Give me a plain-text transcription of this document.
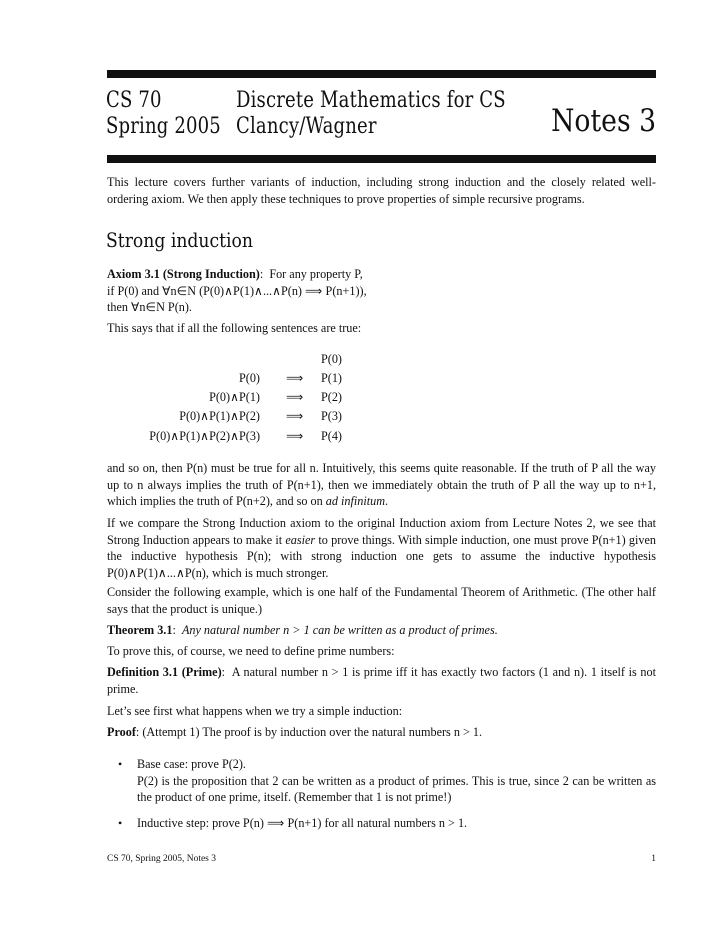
CS 70	Discrete Mathematics for CS
Spring 2005 Clancy/Wagner	Notes 3

This lecture covers further variants of induction, including strong induction and the closely related well-ordering axiom. We then apply these techniques to prove properties of simple recursive programs.

Strong induction
Axiom 3.1 (Strong Induction):  For any property P,
if P(0) and ∀n∈N (P(0)∧P(1)∧...∧P(n) ⟹ P(n+1)),
then ∀n∈N P(n).

This says that if all the following sentences are true:

P(0)
P(0) ⟹ P(1)
P(0)∧P(1) ⟹ P(2)
P(0)∧P(1)∧P(2) ⟹ P(3)
P(0)∧P(1)∧P(2)∧P(3) ⟹ P(4)

and so on, then P(n) must be true for all n. Intuitively, this seems quite reasonable. If the truth of P all the way up to n always implies the truth of P(n+1), then we immediately obtain the truth of P all the way up to n+1, which implies the truth of P(n+2), and so on ad infinitum.

If we compare the Strong Induction axiom to the original Induction axiom from Lecture Notes 2, we see that Strong Induction appears to make it easier to prove things. With simple induction, one must prove P(n+1) given the inductive hypothesis P(n); with strong induction one gets to assume the inductive hypothesis P(0)∧P(1)∧...∧P(n), which is much stronger.

Consider the following example, which is one half of the Fundamental Theorem of Arithmetic. (The other half says that the product is unique.)

Theorem 3.1:  Any natural number n > 1 can be written as a product of primes.

To prove this, of course, we need to define prime numbers:

Definition 3.1 (Prime):  A natural number n > 1 is prime iff it has exactly two factors (1 and n). 1 itself is not prime.

Let’s see first what happens when we try a simple induction:

Proof: (Attempt 1) The proof is by induction over the natural numbers n > 1.

• Base case: prove P(2).
P(2) is the proposition that 2 can be written as a product of primes. This is true, since 2 can be written as the product of one prime, itself. (Remember that 1 is not prime!)
• Inductive step: prove P(n) ⟹ P(n+1) for all natural numbers n > 1.
CS 70, Spring 2005, Notes 3	1
